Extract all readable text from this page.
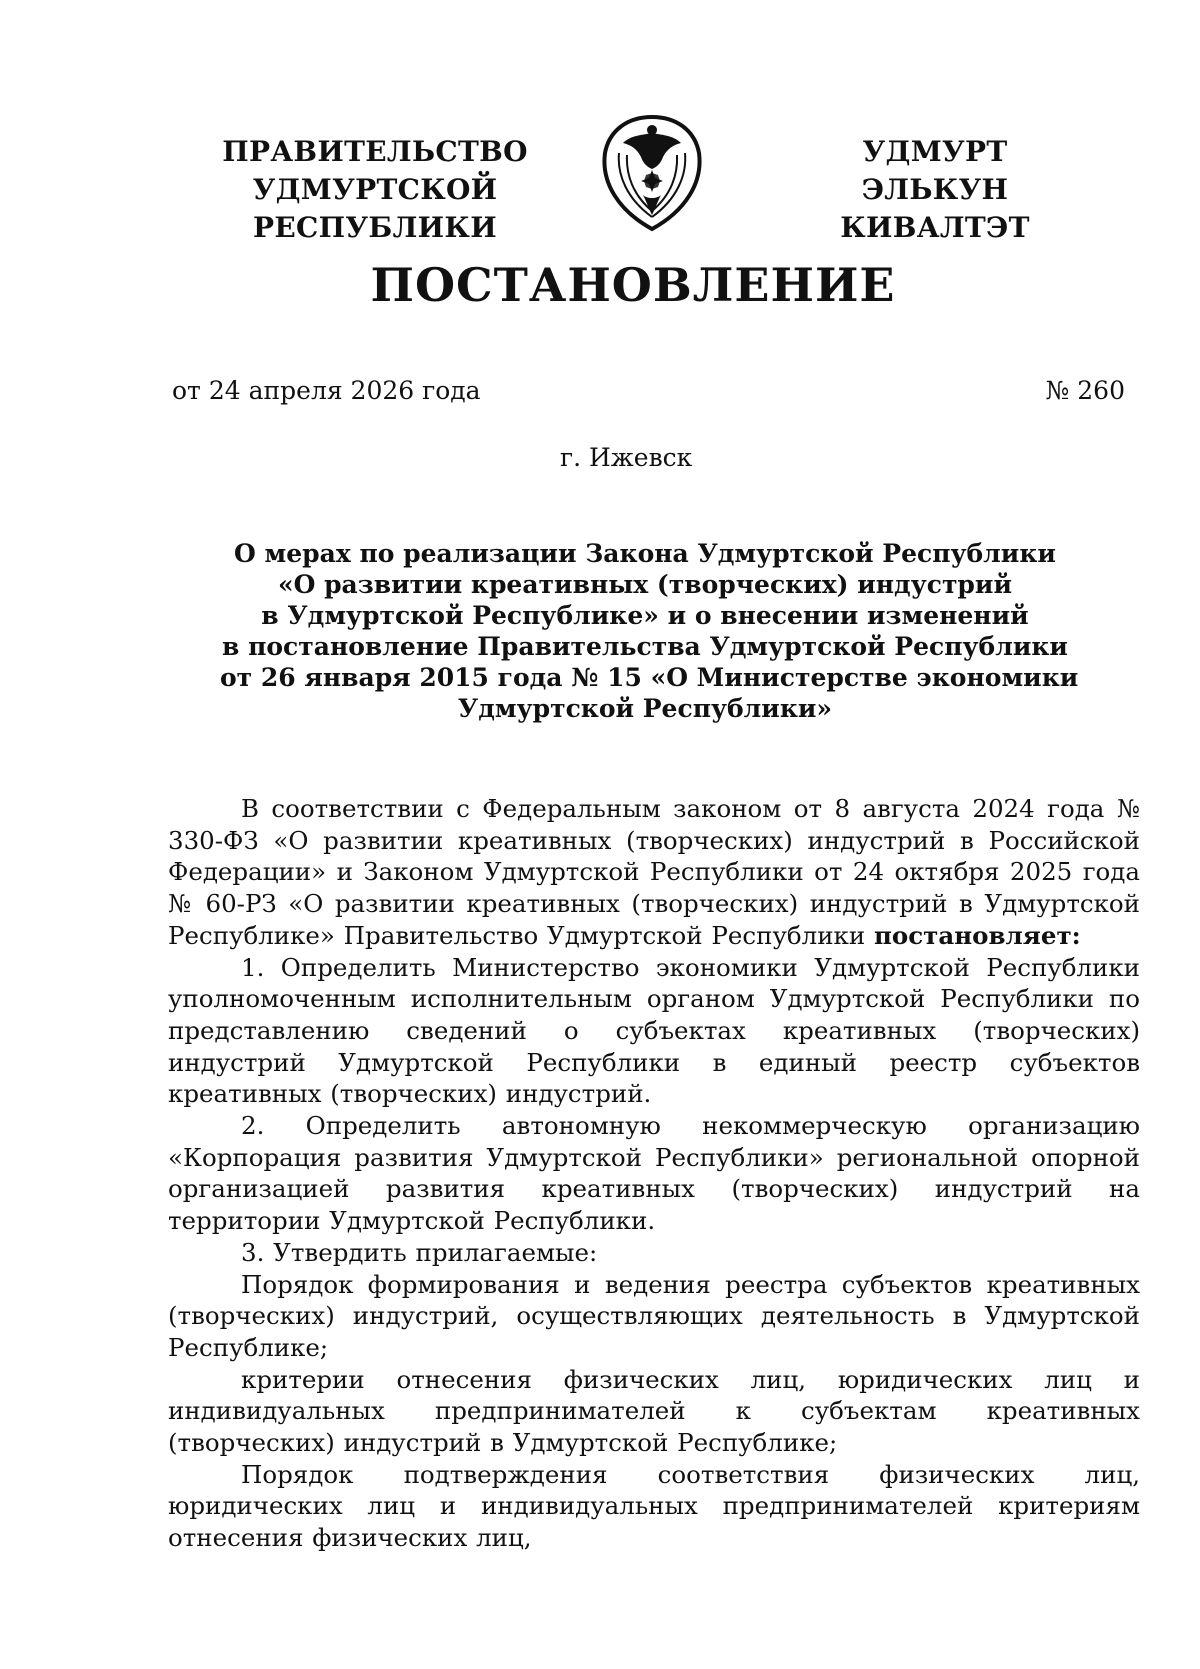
ПРАВИТЕЛЬСТВО
УДМУРТСКОЙ РЕСПУБЛИКИ
УДМУРТ ЭЛЬКУН
КИВАЛТЭТ
ПОСТАНОВЛЕНИЕ
от 24 апреля 2026 года	№ 260
г. Ижевск
О мерах по реализации Закона Удмуртской Республики
«О развитии креативных (творческих) индустрий
в Удмуртской Республике» и о внесении изменений
в постановление Правительства Удмуртской Республики
от 26 января 2015 года № 15 «О Министерстве экономики
Удмуртской Республики»

В соответствии с Федеральным законом от 8 августа 2024 года № 330-ФЗ «О развитии креативных (творческих) индустрий в Российской Федерации» и Законом Удмуртской Республики от 24 октября 2025 года № 60-РЗ «О развитии креативных (творческих) индустрий в Удмуртской Республике» Правительство Удмуртской Республики постановляет:

1. Определить Министерство экономики Удмуртской Республики уполномоченным исполнительным органом Удмуртской Республики по представлению сведений о субъектах креативных (творческих) индустрий Удмуртской Республики в единый реестр субъектов креативных (творческих) индустрий.

2. Определить автономную некоммерческую организацию «Корпорация развития Удмуртской Республики» региональной опорной организацией развития креативных (творческих) индустрий на территории Удмуртской Республики.

3. Утвердить прилагаемые:

Порядок формирования и ведения реестра субъектов креативных (творческих) индустрий, осуществляющих деятельность в Удмуртской Республике;

критерии отнесения физических лиц, юридических лиц и индивидуальных предпринимателей к субъектам креативных (творческих) индустрий в Удмуртской Республике;

Порядок подтверждения соответствия физических лиц, юридических лиц и индивидуальных предпринимателей критериям отнесения физических лиц,
